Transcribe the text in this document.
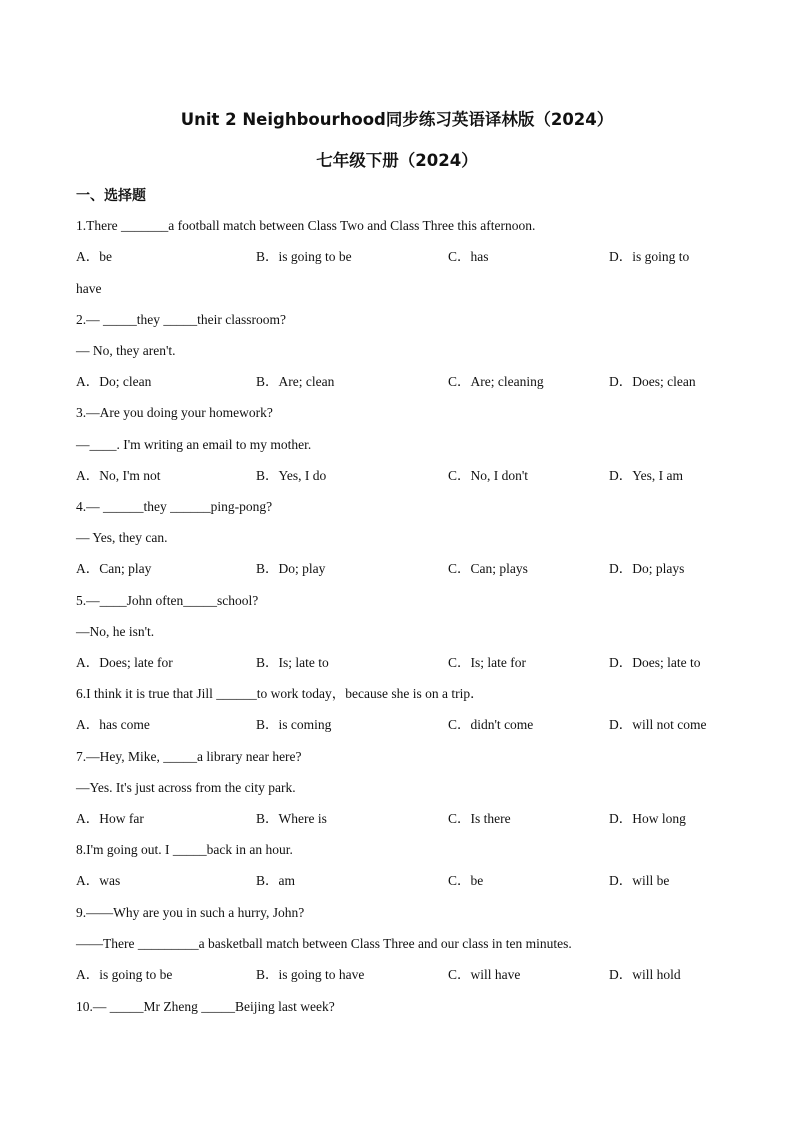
Unit 2 Neighbourhood同步练习英语译林版（2024）
七年级下册（2024）
一、选择题
1.There _______a football match between Class Two and Class Three this afternoon.
A．be	B．is going to be	C．has	D．is going to
have
2.— _____they _____their classroom?
— No, they aren't.
A．Do; clean	B．Are; clean	C．Are; cleaning	D．Does; clean
3.—Are you doing your homework?
—____. I'm writing an email to my mother.
A．No, I'm not	B．Yes, I do	C．No, I don't	D．Yes, I am
4.— ______they ______ping-pong?
— Yes, they can.
A．Can; play	B．Do; play	C．Can; plays	D．Do; plays
5.—____John often_____school?
—No, he isn't.
A．Does; late for	B．Is; late to	C．Is; late for	D．Does; late to
6.I think it is true that Jill ______to work today，because she is on a trip．
A．has come	B．is coming	C．didn't come	D．will not come
7.—Hey, Mike, _____a library near here?
—Yes. It's just across from the city park.
A．How far	B．Where is	C．Is there	D．How long
8.I'm going out. I _____back in an hour.
A．was	B．am	C．be	D．will be
9.——Why are you in such a hurry, John?
——There _________a basketball match between Class Three and our class in ten minutes.
A．is going to be	B．is going to have	C．will have	D．will hold
10.— _____Mr Zheng _____Beijing last week?
